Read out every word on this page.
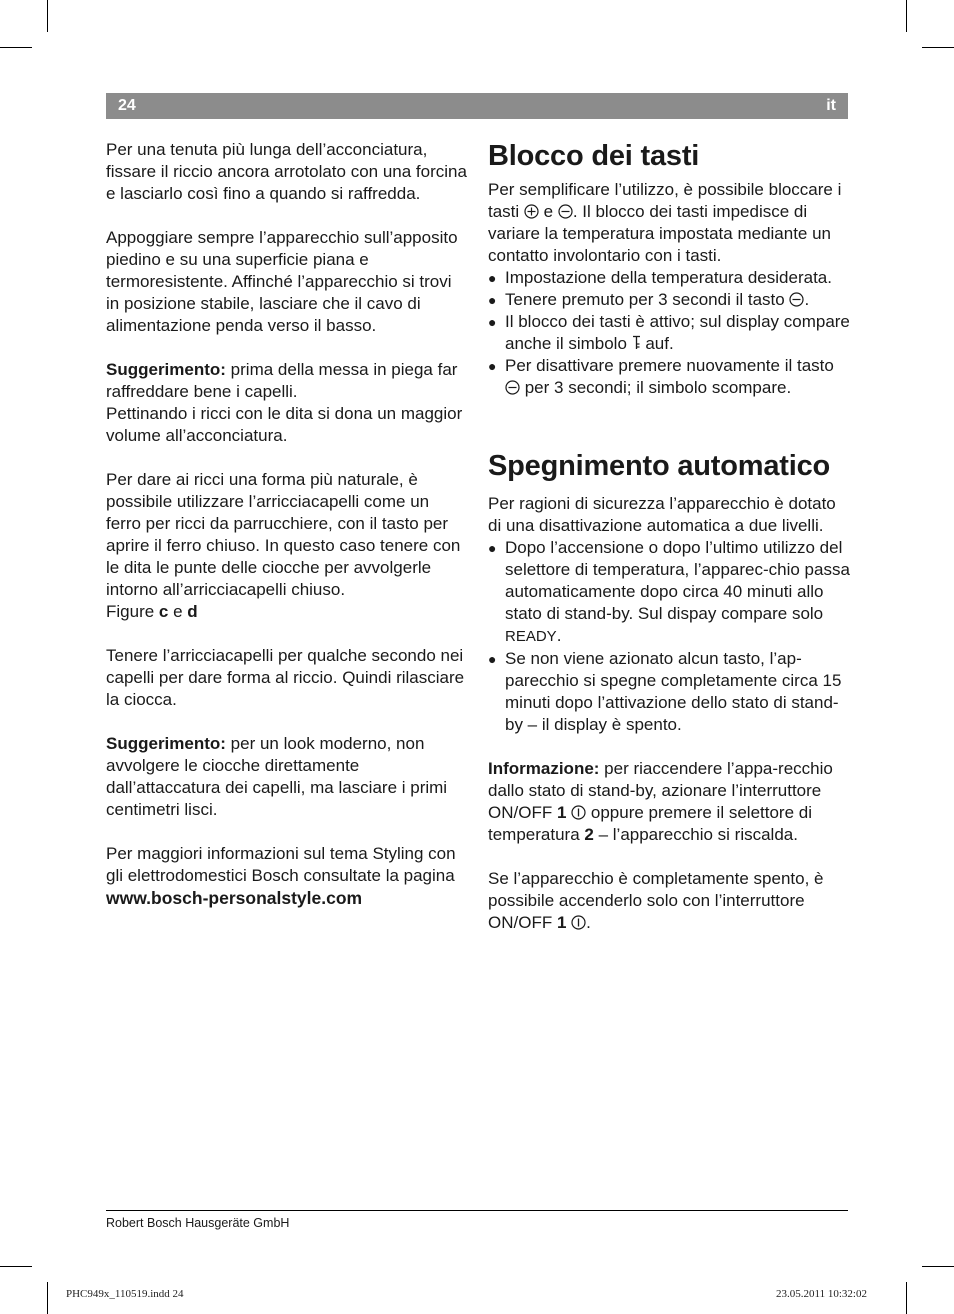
24	it

Per una tenuta più lunga dell’acconciatura, fissare il riccio ancora arrotolato con una forcina e lasciarlo così fino a quando si raffredda.

Appoggiare sempre l’apparecchio sull’apposito piedino e su una superficie piana e termoresistente. Affinché l’apparecchio si trovi in posizione stabile, lasciare che il cavo di alimentazione penda verso il basso.

Suggerimento: prima della messa in piega far raffreddare bene i capelli.

Pettinando i ricci con le dita si dona un maggior volume all’acconciatura.

Per dare ai ricci una forma più naturale, è possibile utilizzare l’arricciacapelli come un ferro per ricci da parrucchiere, con il tasto per aprire il ferro chiuso. In questo caso tenere con le dita le punte delle ciocche per avvolgerle intorno all’arricciacapelli chiuso.

Figure c e d

Tenere l’arricciacapelli per qualche secondo nei capelli per dare forma al riccio. Quindi rilasciare la ciocca.

Suggerimento: per un look moderno, non avvolgere le ciocche direttamente dall’attaccatura dei capelli, ma lasciare i primi centimetri lisci.

Per maggiori informazioni sul tema Styling con gli elettrodomestici Bosch consultate la pagina

www.bosch-personalstyle.com

Blocco dei tasti

Per semplificare l’utilizzo, è possibile bloccare i tasti  e . Il blocco dei tasti impedisce di variare la temperatura impostata mediante un contatto involontario con i tasti.

● Impostazione della temperatura desiderata.
● Tenere premuto per 3 secondi il tasto .
● Il blocco dei tasti è attivo; sul display compare anche il simbolo  auf.
● Per disattivare premere nuovamente il tasto  per 3 secondi; il simbolo scompare.
Spegnimento automatico

Per ragioni di sicurezza l’apparecchio è dotato di una disattivazione automatica a due livelli.

● Dopo l’accensione o dopo l’ultimo utilizzo del selettore di temperatura, l’apparec-chio passa automaticamente dopo circa 40 minuti allo stato di stand-by. Sul dispay compare solo READY.
● Se non viene azionato alcun tasto, l’ap-parecchio si spegne completamente circa 15 minuti dopo l’attivazione dello stato di stand-by – il display è spento.

Informazione: per riaccendere l’appa-recchio dallo stato di stand-by, azionare l’interruttore ON/OFF 1  oppure premere il selettore di temperatura 2 – l’apparecchio si riscalda.

Se l’apparecchio è completamente spento, è possibile accenderlo solo con l’interruttore ON/OFF 1 .

Robert Bosch Hausgeräte GmbH
PHC949x_110519.indd 24	23.05.2011 10:32:02
